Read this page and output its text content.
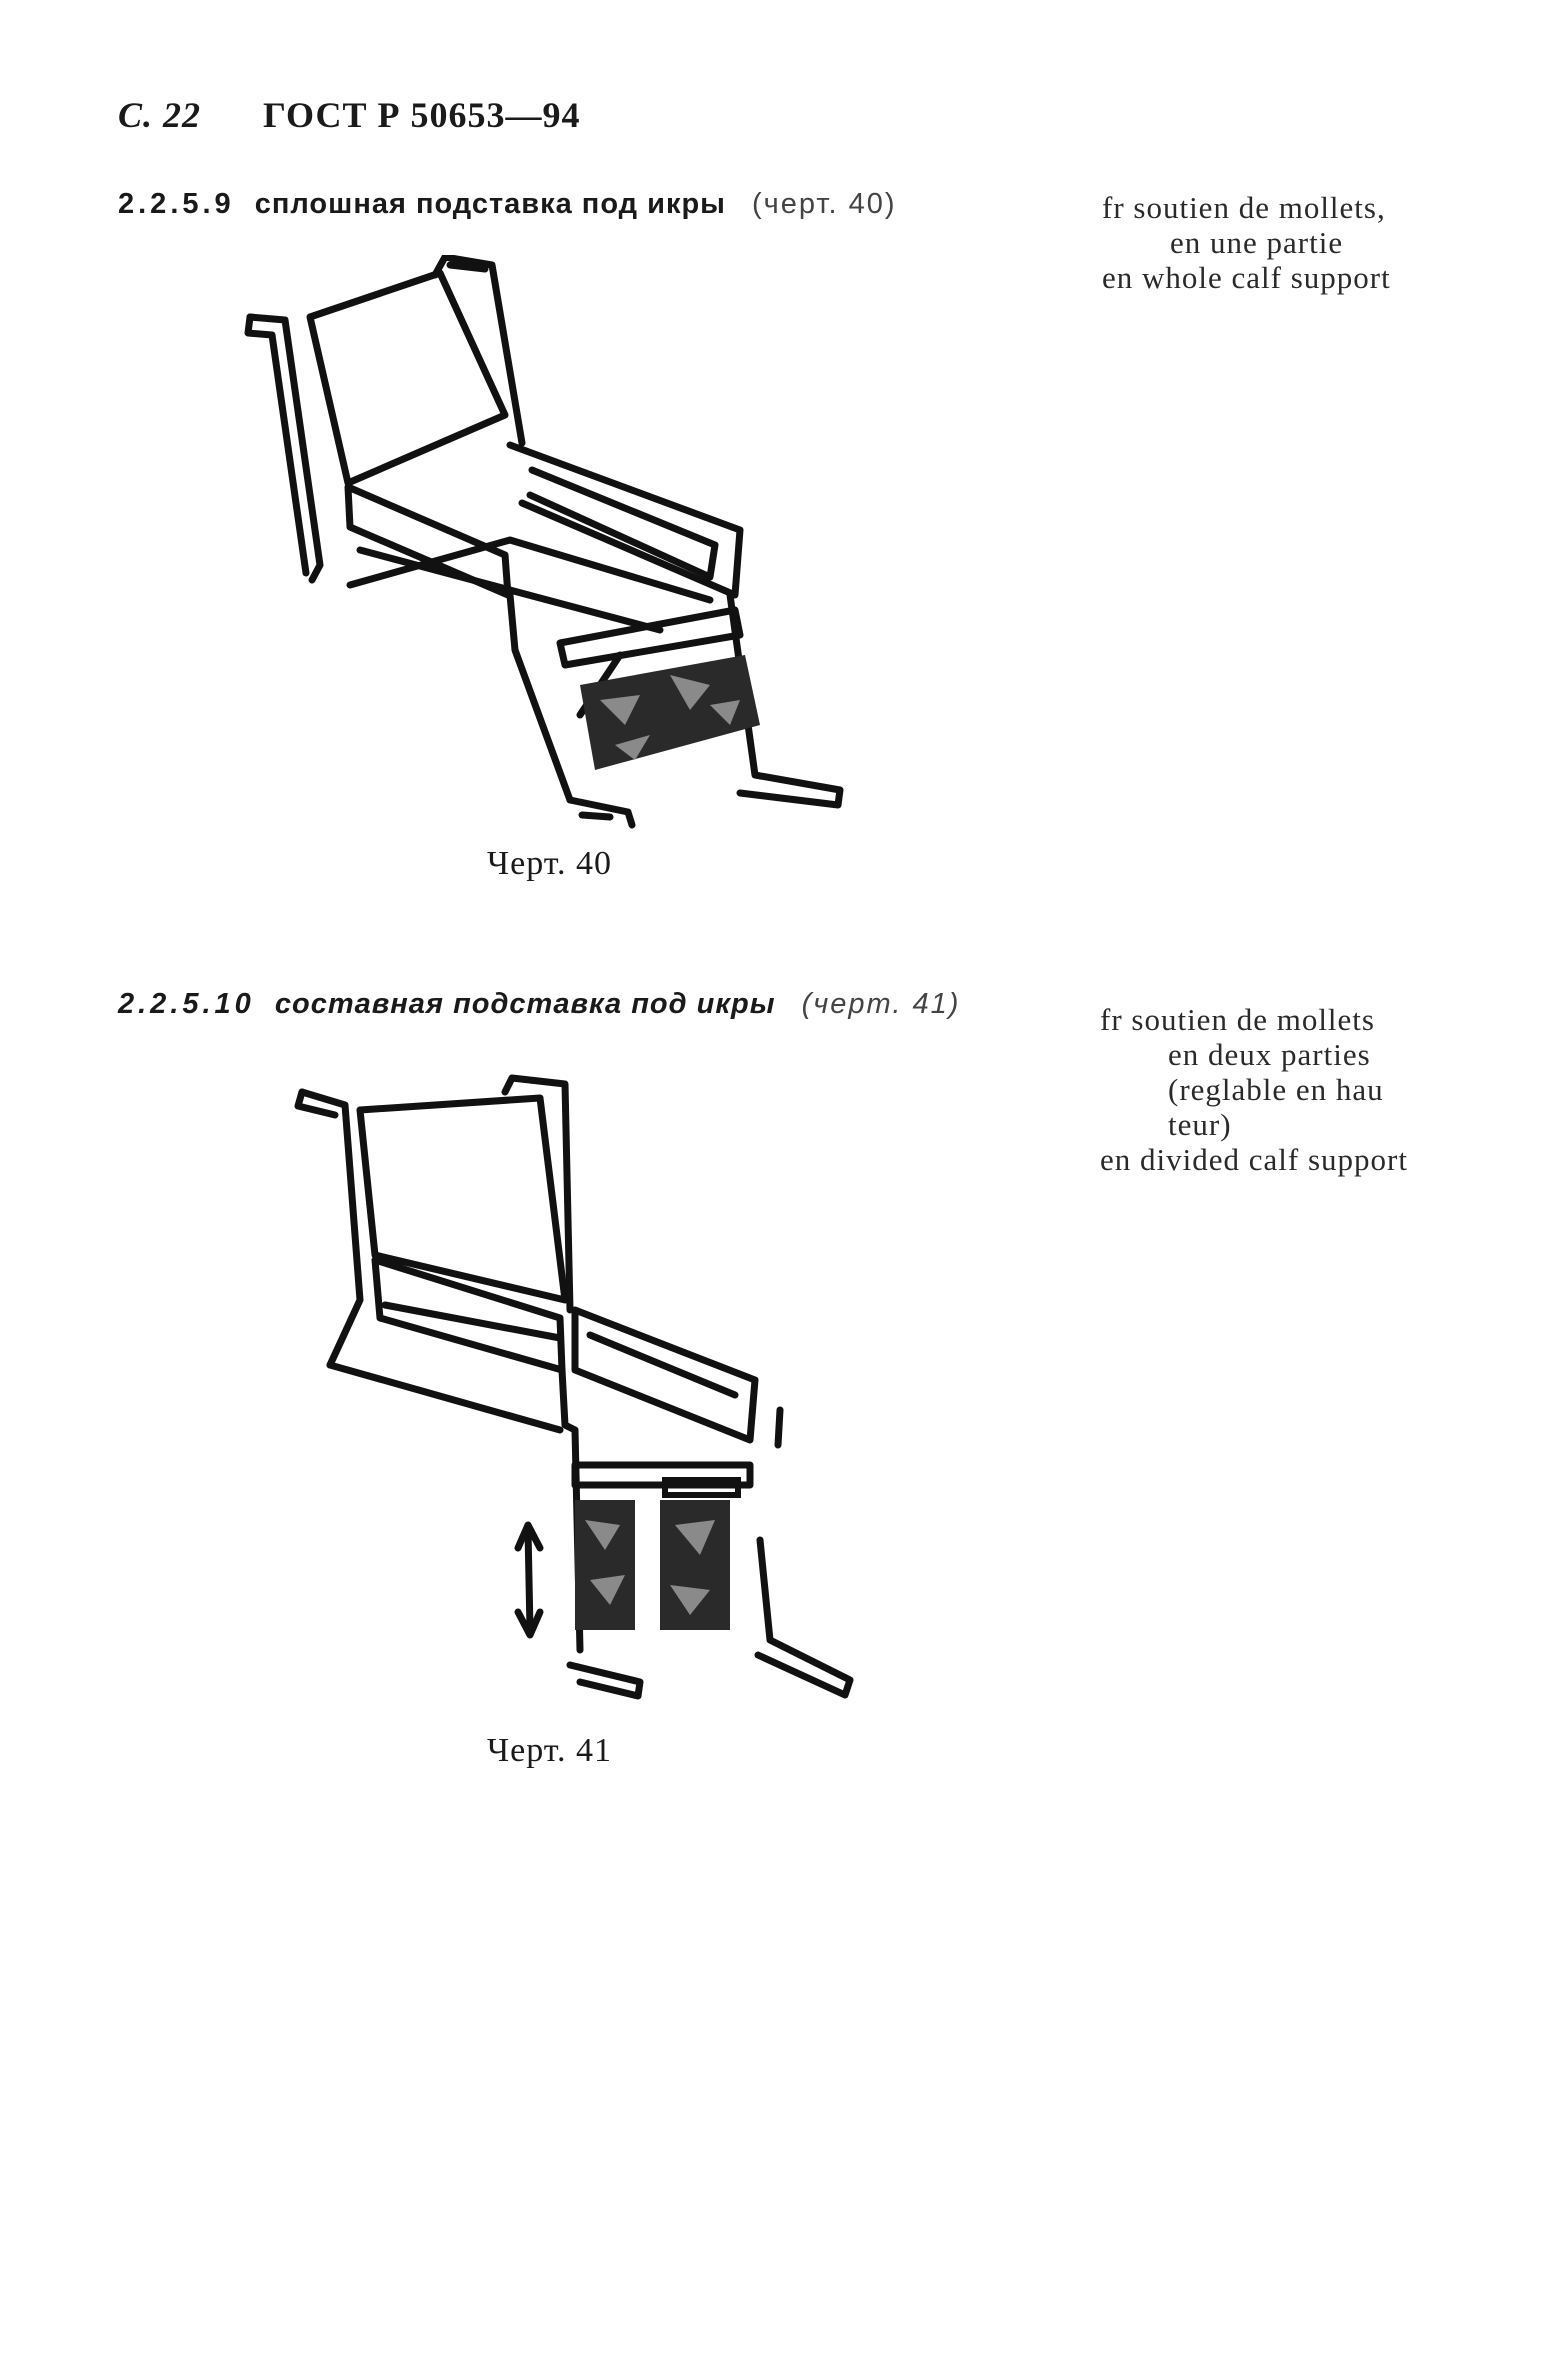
С. 22 ГОСТ Р 50653—94
2.2.5.9 сплошная подставка под икры (черт. 40)	fr soutien de mollets,
en une partie
en whole calf support
Черт. 40
2.2.5.10 составная подставка под икры (черт. 41)	fr soutien de mollets
en deux parties
(reglable en hau
teur)
en divided calf support
Черт. 41
